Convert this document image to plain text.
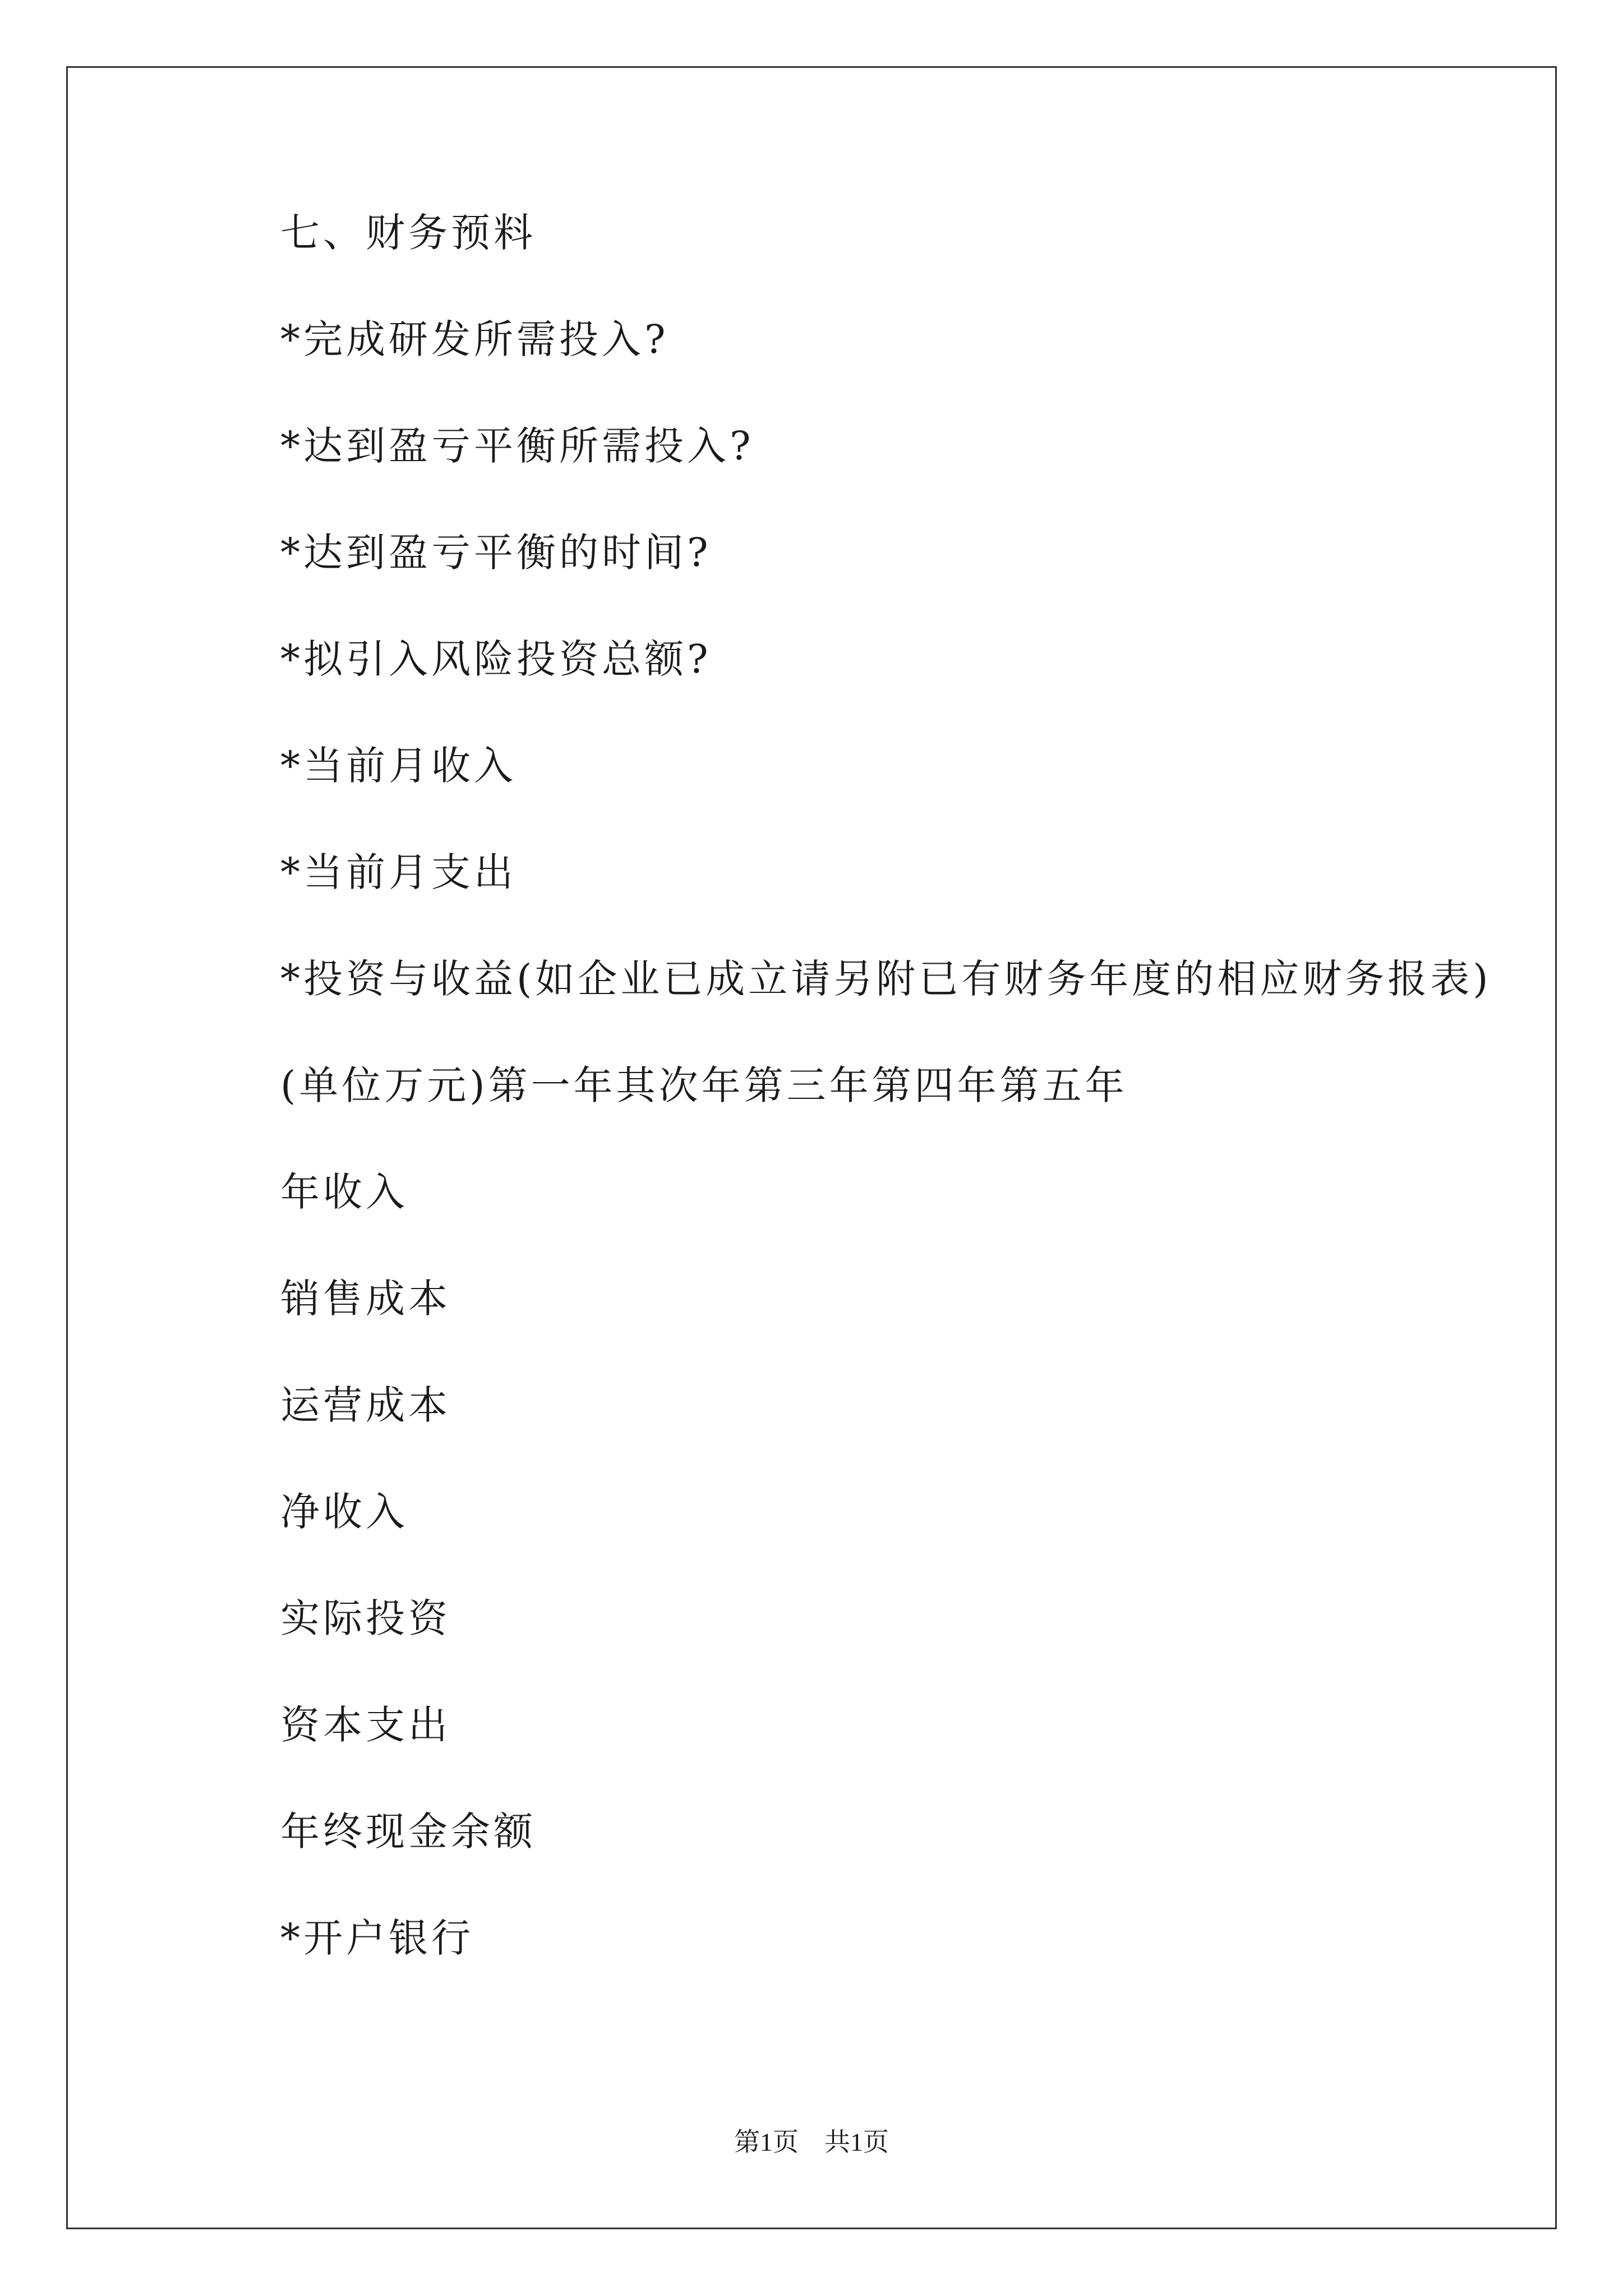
七、财务预料
*完成研发所需投入?
*达到盈亏平衡所需投入?
*达到盈亏平衡的时间?
*拟引入风险投资总额?
*当前月收入
*当前月支出
*投资与收益(如企业已成立请另附已有财务年度的相应财务报表)
(单位万元)第一年其次年第三年第四年第五年
年收入
销售成本
运营成本
净收入
实际投资
资本支出
年终现金余额
*开户银行
第1页 共1页
